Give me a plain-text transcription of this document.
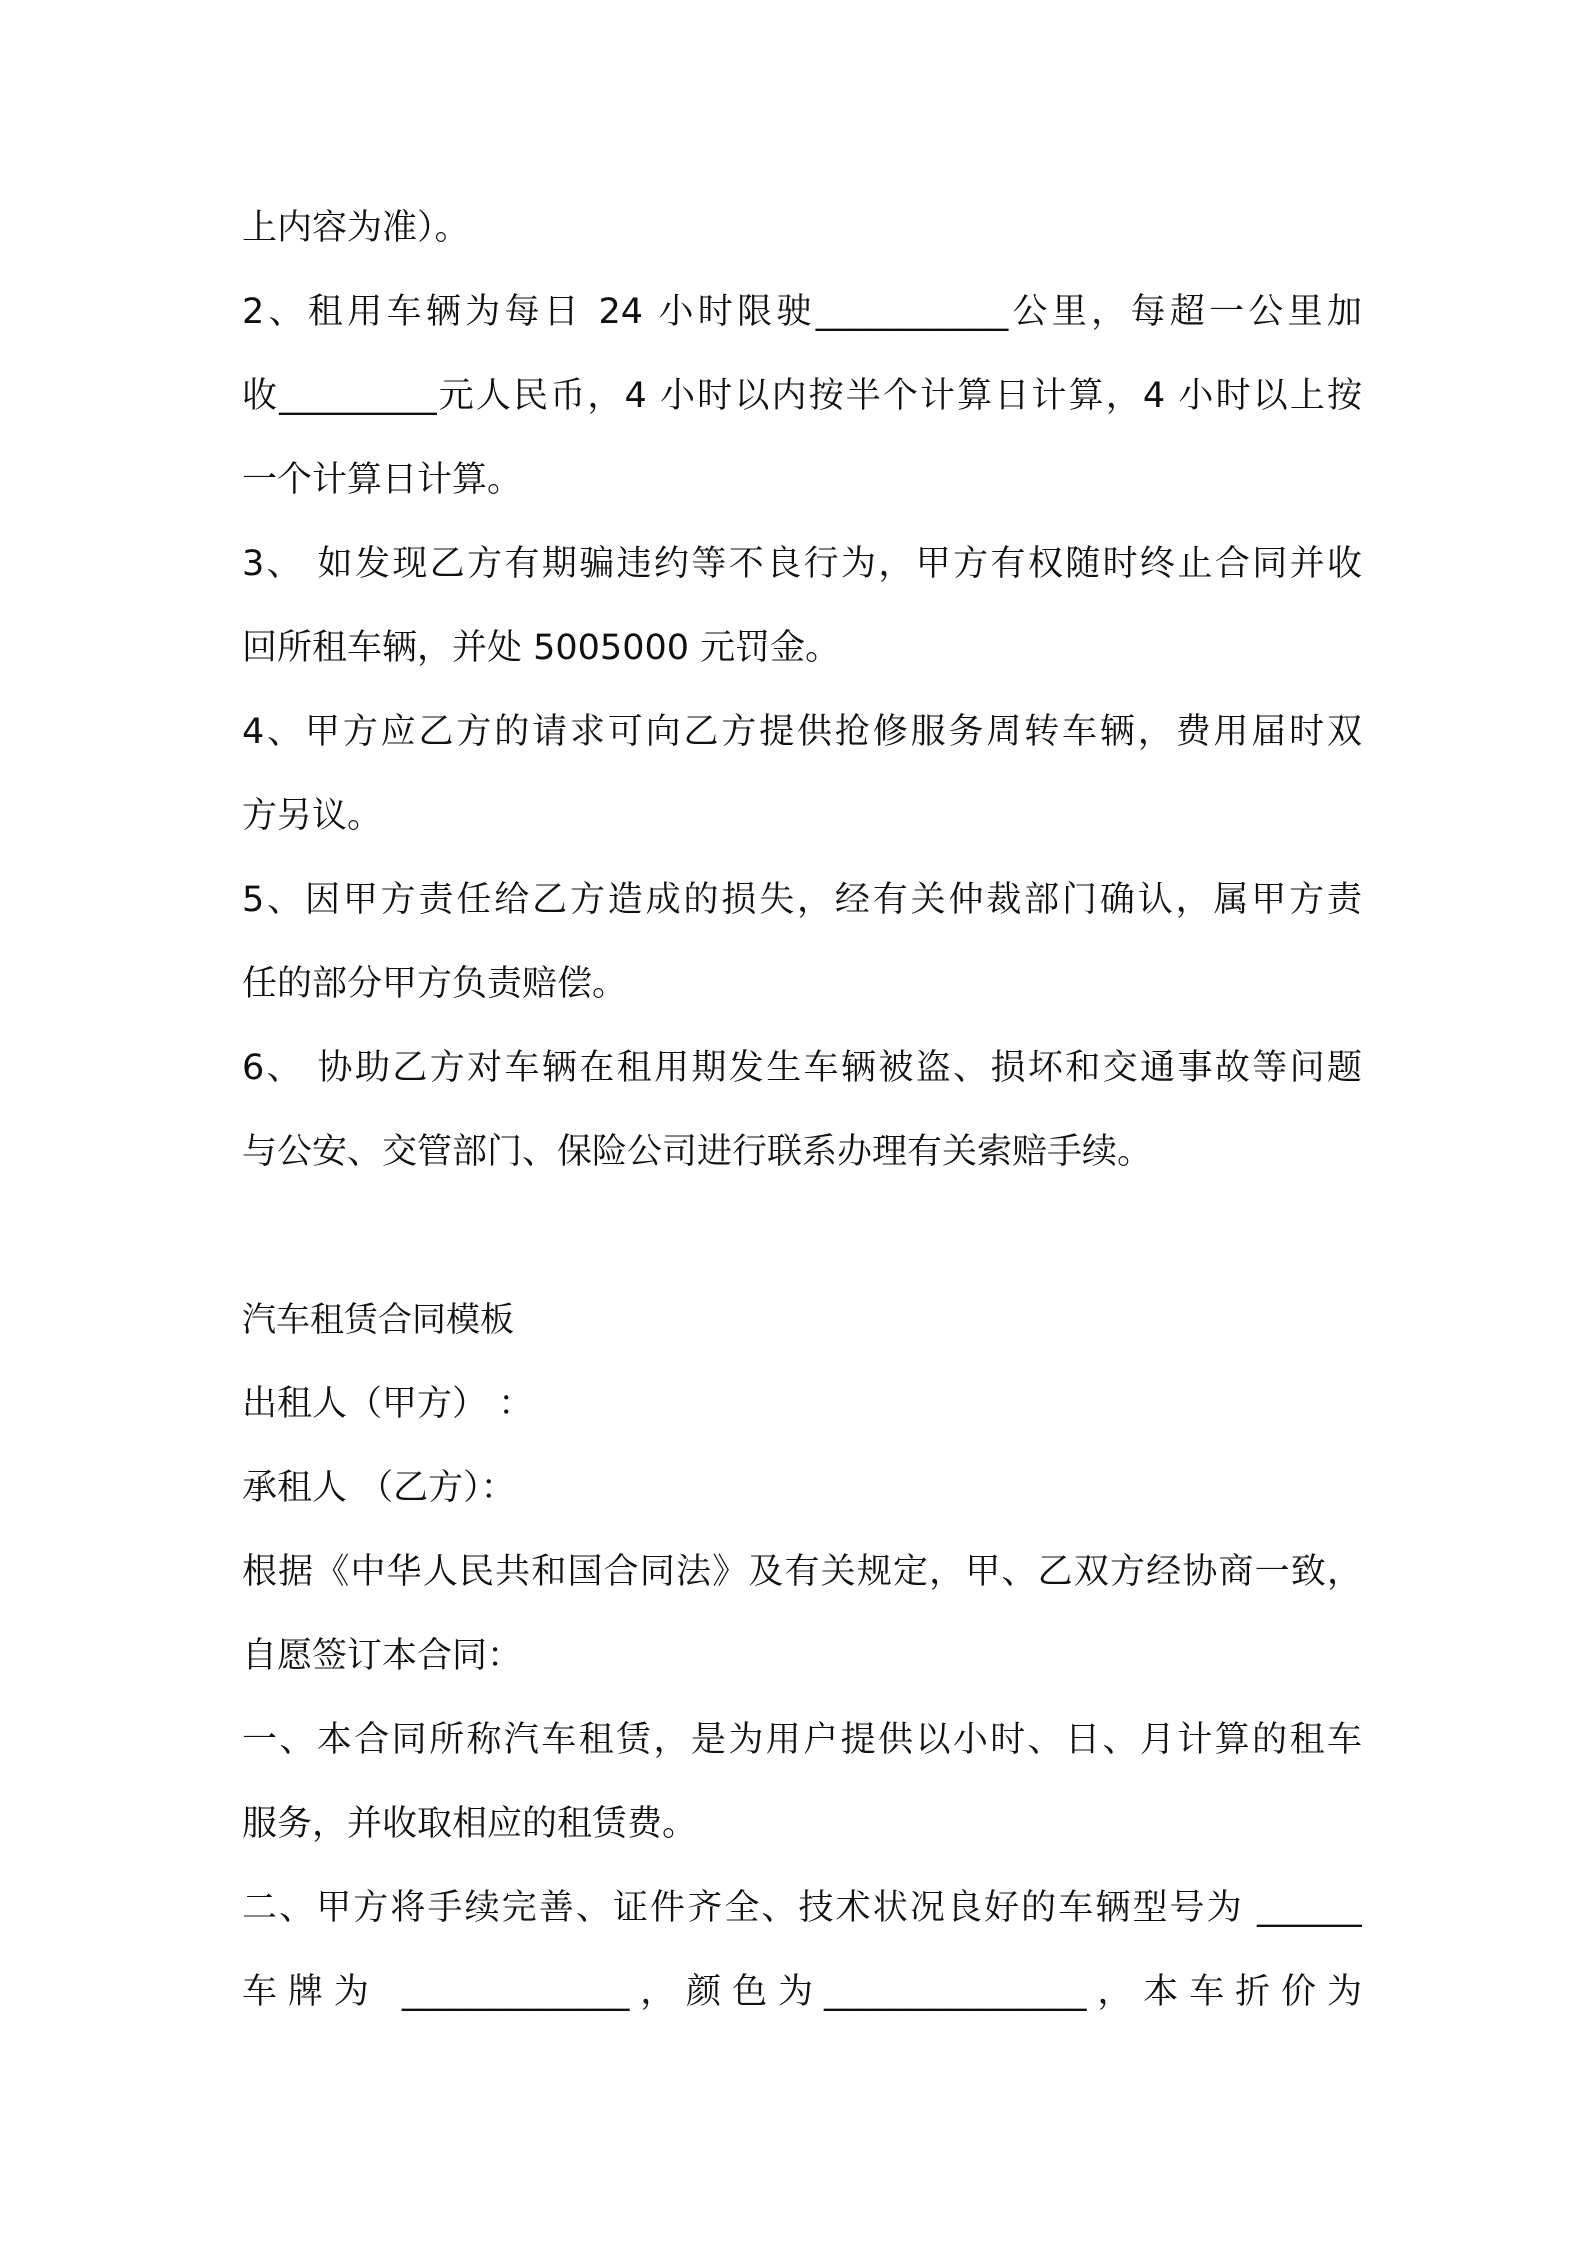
上内容为准）。
2、租用车辆为每日 24 小时限驶___________公里，每超一公里加
收_________元人民币，4 小时以内按半个计算日计算，4 小时以上按
一个计算日计算。
3、 如发现乙方有期骗违约等不良行为，甲方有权随时终止合同并收
回所租车辆，并处 5005000 元罚金。
4、甲方应乙方的请求可向乙方提供抢修服务周转车辆，费用届时双
方另议。
5、因甲方责任给乙方造成的损失，经有关仲裁部门确认，属甲方责
任的部分甲方负责赔偿。
6、 协助乙方对车辆在租用期发生车辆被盗、损坏和交通事故等问题
与公安、交管部门、保险公司进行联系办理有关索赔手续。
汽车租赁合同模板
出租人（甲方） ：
承租人 （乙方）：
根据《中华人民共和国合同法》及有关规定，甲、乙双方经协商一致，
自愿签订本合同：
一、本合同所称汽车租赁，是为用户提供以小时、日、月计算的租车
服务，并收取相应的租赁费。
二、甲方将手续完善、证件齐全、技术状况良好的车辆型号为 ______
车牌为 _____________，颜色为_______________，本车折价为
